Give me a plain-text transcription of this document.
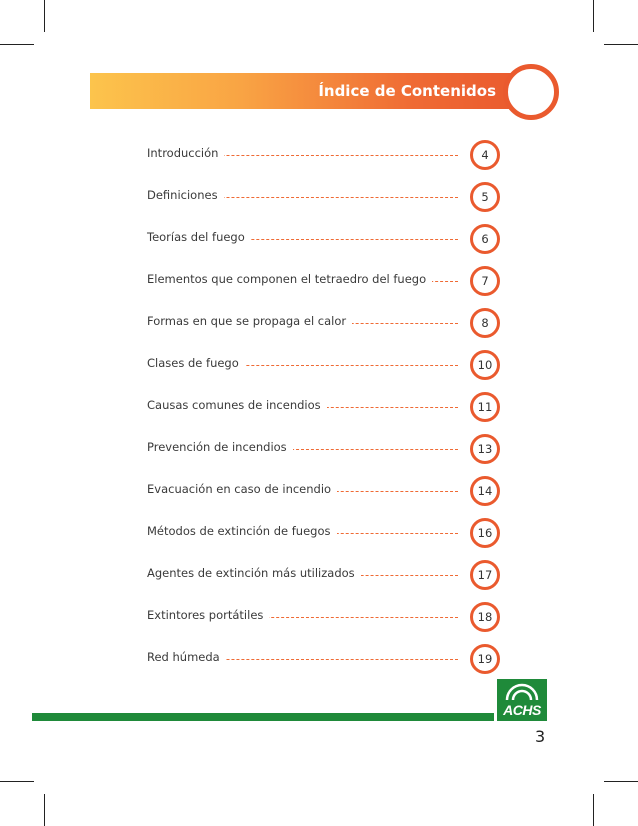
Índice de Contenidos
Introducción	4
Definiciones	5
Teorías del fuego	6
Elementos que componen el tetraedro del fuego	7
Formas en que se propaga el calor	8
Clases de fuego	10
Causas comunes de incendios	11
Prevención de incendios	13
Evacuación en caso de incendio	14
Métodos de extinción de fuegos	16
Agentes de extinción más utilizados	17
Extintores portátiles	18
Red húmeda	19
ACHS
3
